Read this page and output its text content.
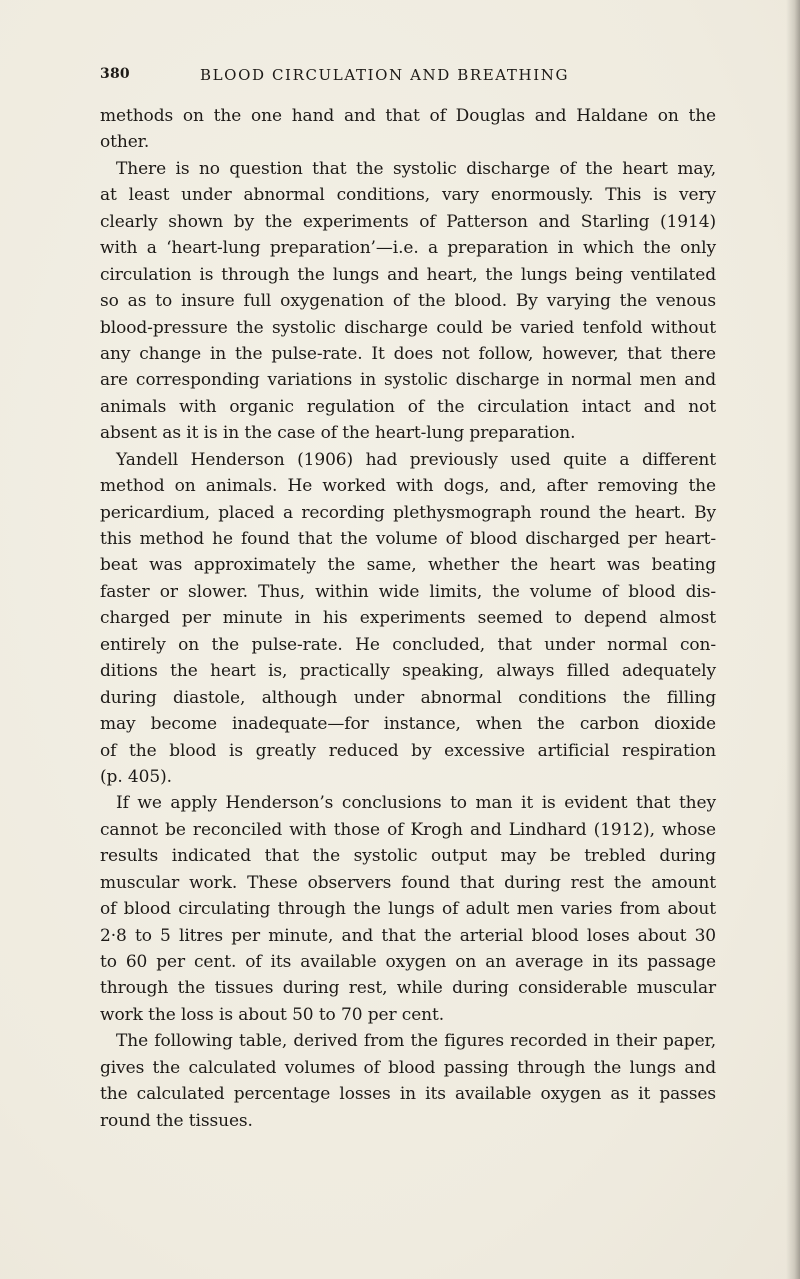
380	BLOOD CIRCULATION AND BREATHING
methods on the one hand and that of Douglas and Haldane on the
other.
There is no question that the systolic discharge of the heart may,
at least under abnormal conditions, vary enormously. This is very
clearly shown by the experiments of Patterson and Starling (1914)
with a ‘heart-lung preparation’—i.e. a preparation in which the only
circulation is through the lungs and heart, the lungs being ventilated
so as to insure full oxygenation of the blood. By varying the venous
blood-pressure the systolic discharge could be varied tenfold without
any change in the pulse-rate. It does not follow, however, that there
are corresponding variations in systolic discharge in normal men and
animals with organic regulation of the circulation intact and not
absent as it is in the case of the heart-lung preparation.
Yandell Henderson (1906) had previously used quite a different
method on animals. He worked with dogs, and, after removing the
pericardium, placed a recording plethysmograph round the heart. By
this method he found that the volume of blood discharged per heart-
beat was approximately the same, whether the heart was beating
faster or slower. Thus, within wide limits, the volume of blood dis-
charged per minute in his experiments seemed to depend almost
entirely on the pulse-rate. He concluded, that under normal con-
ditions the heart is, practically speaking, always filled adequately
during diastole, although under abnormal conditions the filling
may become inadequate—for instance, when the carbon dioxide
of the blood is greatly reduced by excessive artificial respiration
(p. 405).
If we apply Henderson’s conclusions to man it is evident that they
cannot be reconciled with those of Krogh and Lindhard (1912), whose
results indicated that the systolic output may be trebled during
muscular work. These observers found that during rest the amount
of blood circulating through the lungs of adult men varies from about
2·8 to 5 litres per minute, and that the arterial blood loses about 30
to 60 per cent. of its available oxygen on an average in its passage
through the tissues during rest, while during considerable muscular
work the loss is about 50 to 70 per cent.
The following table, derived from the figures recorded in their paper,
gives the calculated volumes of blood passing through the lungs and
the calculated percentage losses in its available oxygen as it passes
round the tissues.
